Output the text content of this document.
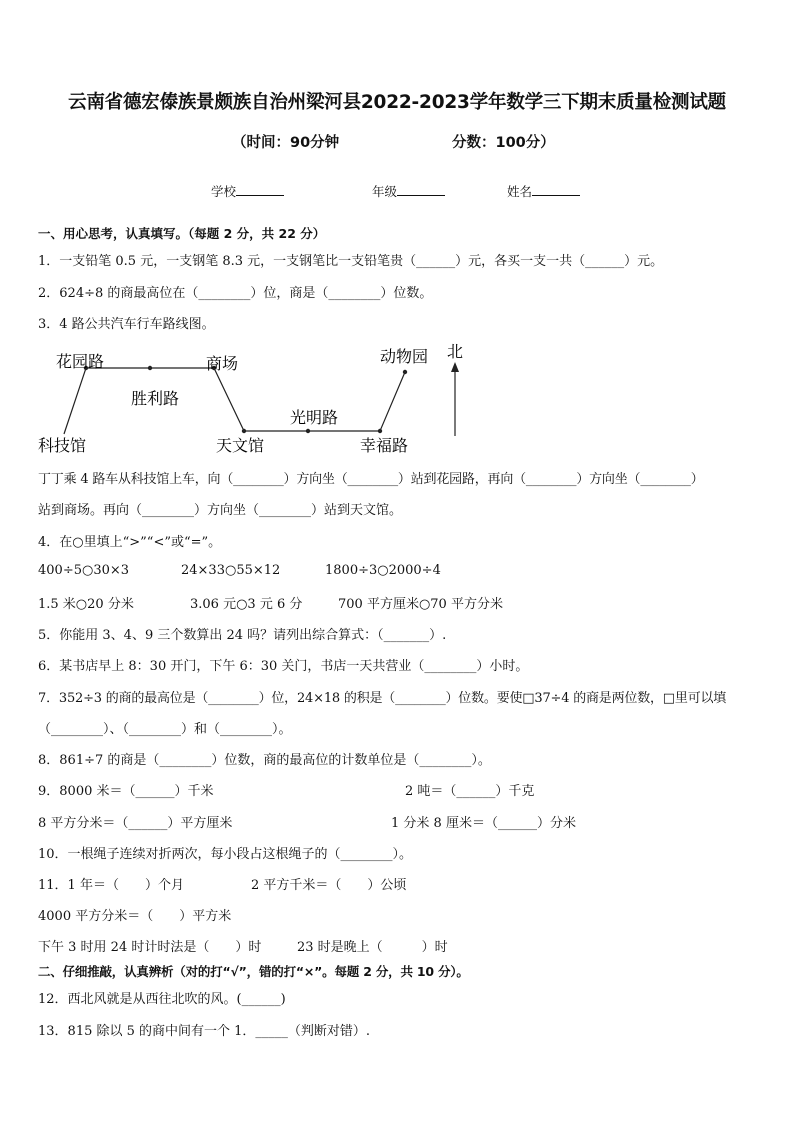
云南省德宏傣族景颇族自治州梁河县2022-2023学年数学三下期末质量检测试题
（时间：90分钟	分数：100分）
学校	年级	姓名
一、用心思考，认真填写。（每题 2 分，共 22 分）
1．一支铅笔 0.5 元，一支钢笔 8.3 元，一支钢笔比一支铅笔贵（______）元，各买一支一共（______）元。
2．624÷8 的商最高位在（________）位，商是（________）位数。
3．4 路公共汽车行车路线图。
花园路	商场
胜利路
动物园 北
光明路
科技馆	天文馆	幸福路
丁丁乘 4 路车从科技馆上车，向（________）方向坐（________）站到花园路，再向（________）方向坐（________）
站到商场。再向（________）方向坐（________）站到天文馆。
4．在○里填上“>”“<”或“=”。
400÷5○30×3	24×33○55×12	1800÷3○2000÷4
1.5 米○20 分米	3.06 元○3 元 6 分	700 平方厘米○70 平方分米
5．你能用 3、4、9 三个数算出 24 吗？请列出综合算式：（_______）.
6．某书店早上 8：30 开门，下午 6：30 关门，书店一天共营业（________）小时。
7．352÷3 的商的最高位是（________）位，24×18 的积是（________）位数。要使□37÷4 的商是两位数，□里可以填
（________）、（________）和（________）。
8．861÷7 的商是（________）位数，商的最高位的计数单位是（________）。
9．8000 米＝（______）千米	2 吨＝（______）千克
8 平方分米＝（______）平方厘米	1 分米 8 厘米＝（______）分米
10．一根绳子连续对折两次，每小段占这根绳子的（________）。
11．1 年＝（　　）个月	2 平方千米＝（　　）公顷
4000 平方分米＝（　　）平方米
下午 3 时用 24 时计时法是（　　）时	23 时是晚上（　　　）时
二、仔细推敲，认真辨析（对的打“√”，错的打“×”。每题 2 分，共 10 分）。
12．西北风就是从西往北吹的风。(______)
13．815 除以 5 的商中间有一个 1．_____（判断对错）.
